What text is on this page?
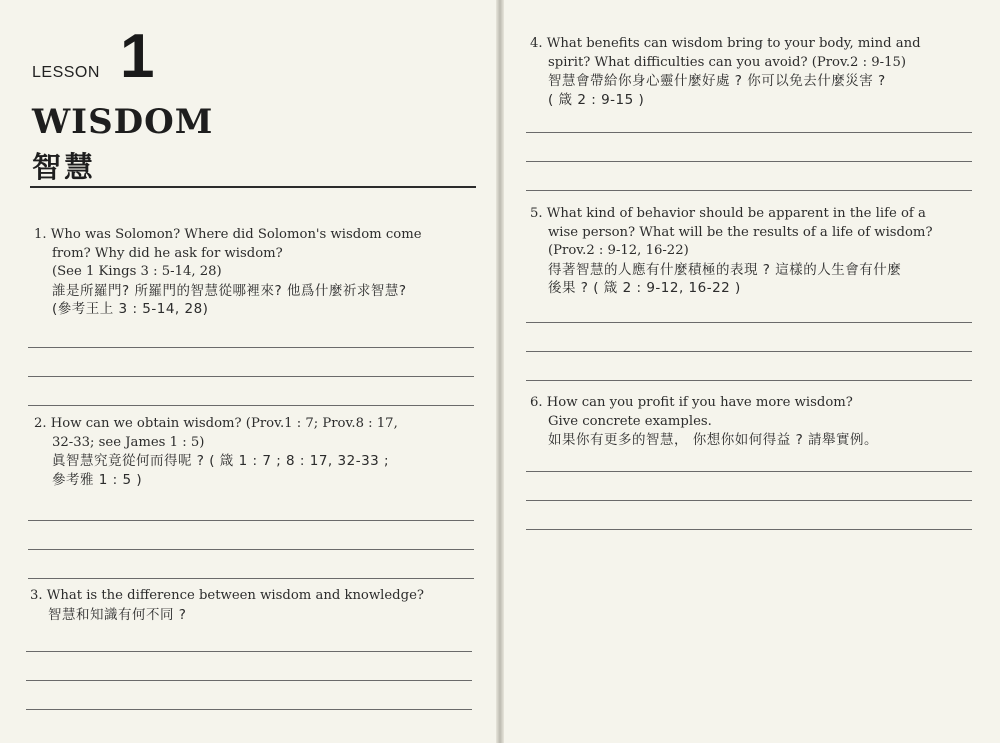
LESSON 1
WISDOM
智慧
1. Who was Solomon? Where did Solomon's wisdom come
from? Why did he ask for wisdom?
(See 1 Kings 3 : 5-14, 28)
誰是所羅門? 所羅門的智慧從哪裡來? 他爲什麼祈求智慧?
(參考王上 3 : 5-14, 28)
2. How can we obtain wisdom? (Prov.1 : 7; Prov.8 : 17,
32-33; see James 1 : 5)
眞智慧究竟從何而得呢 ? ( 箴 1 : 7 ; 8 : 17, 32-33 ;
參考雅 1 : 5 )
3. What is the difference between wisdom and knowledge?
智慧和知識有何不同 ?
4. What benefits can wisdom bring to your body, mind and
spirit? What difficulties can you avoid? (Prov.2 : 9-15)
智慧會帶給你身心靈什麼好處 ? 你可以免去什麼災害 ?
( 箴 2 : 9-15 )
5. What kind of behavior should be apparent in the life of a
wise person? What will be the results of a life of wisdom?
(Prov.2 : 9-12, 16-22)
得著智慧的人應有什麼積極的表現 ? 這樣的人生會有什麼
後果 ? ( 箴 2 : 9-12, 16-22 )
6. How can you profit if you have more wisdom?
Give concrete examples.
如果你有更多的智慧， 你想你如何得益 ? 請舉實例。
